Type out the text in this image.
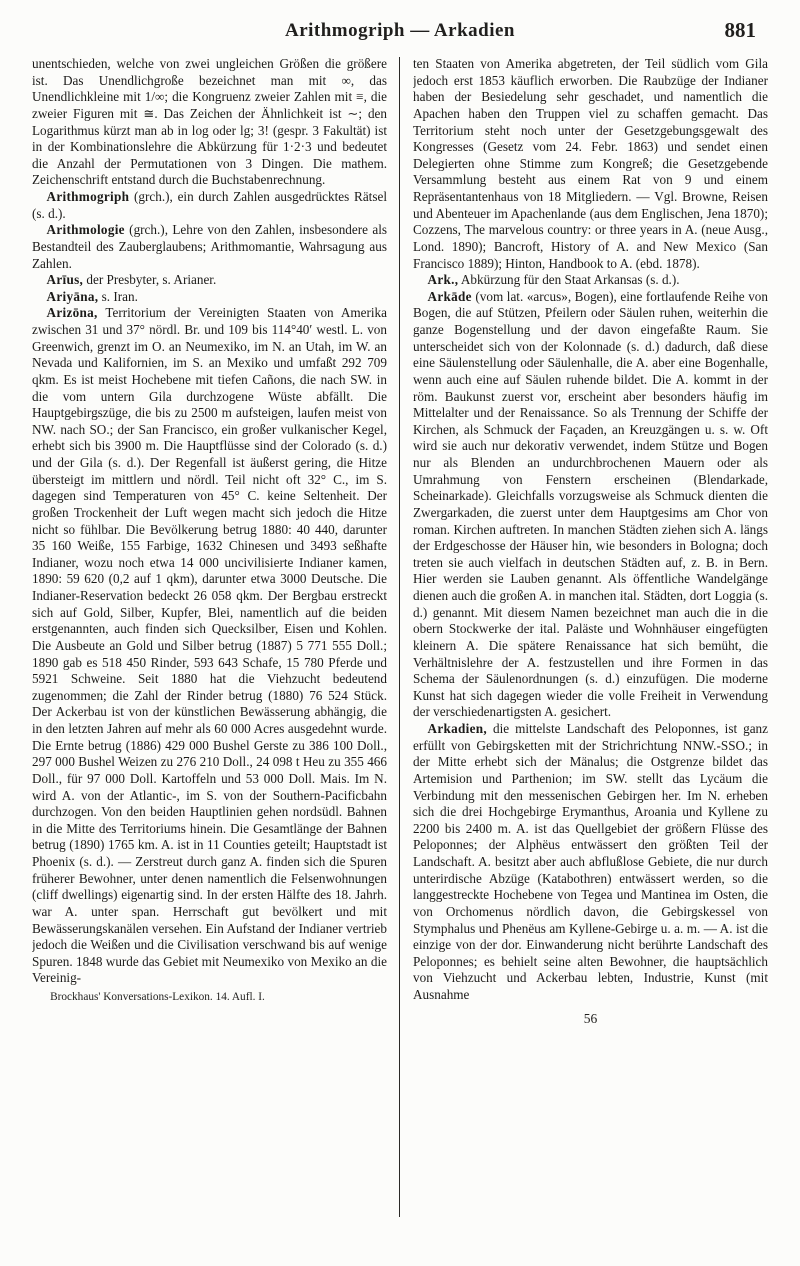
Arithmogriph — Arkadien	881

unentschieden, welche von zwei ungleichen Größen die größere ist. Das Unendlichgroße bezeichnet man mit ∞, das Unendlichkleine mit 1/∞; die Kongruenz zweier Zahlen mit ≡, die zweier Figuren mit ≅. Das Zeichen der Ähnlichkeit ist ∼; den Logarithmus kürzt man ab in log oder lg; 3! (gespr. 3 Fakultät) ist in der Kombinationslehre die Abkürzung für 1·2·3 und bedeutet die Anzahl der Permutationen von 3 Dingen. Die mathem. Zeichenschrift entstand durch die Buchstabenrechnung.

Arithmogriph (grch.), ein durch Zahlen ausgedrücktes Rätsel (s. d.).

Arithmologie (grch.), Lehre von den Zahlen, insbesondere als Bestandteil des Zauberglaubens; Arithmomantie, Wahrsagung aus Zahlen.

Arīus, der Presbyter, s. Arianer.

Ariyāna, s. Iran.

Arizōna, Territorium der Vereinigten Staaten von Amerika zwischen 31 und 37° nördl. Br. und 109 bis 114°40′ westl. L. von Greenwich, grenzt im O. an Neumexiko, im N. an Utah, im W. an Nevada und Kalifornien, im S. an Mexiko und umfaßt 292 709 qkm. Es ist meist Hochebene mit tiefen Cañons, die nach SW. in die vom untern Gila durchzogene Wüste abfällt. Die Hauptgebirgszüge, die bis zu 2500 m aufsteigen, laufen meist von NW. nach SO.; der San Francisco, ein großer vulkanischer Kegel, erhebt sich bis 3900 m. Die Hauptflüsse sind der Colorado (s. d.) und der Gila (s. d.). Der Regenfall ist äußerst gering, die Hitze übersteigt im mittlern und nördl. Teil nicht oft 32° C., im S. dagegen sind Temperaturen von 45° C. keine Seltenheit. Der großen Trockenheit der Luft wegen macht sich jedoch die Hitze nicht so fühlbar. Die Bevölkerung betrug 1880: 40 440, darunter 35 160 Weiße, 155 Farbige, 1632 Chinesen und 3493 seßhafte Indianer, wozu noch etwa 14 000 uncivilisierte Indianer kamen, 1890: 59 620 (0,2 auf 1 qkm), darunter etwa 3000 Deutsche. Die Indianer-Reservation bedeckt 26 058 qkm. Der Bergbau erstreckt sich auf Gold, Silber, Kupfer, Blei, namentlich auf die beiden erstgenannten, auch finden sich Quecksilber, Eisen und Kohlen. Die Ausbeute an Gold und Silber betrug (1887) 5 771 555 Doll.; 1890 gab es 518 450 Rinder, 593 643 Schafe, 15 780 Pferde und 5921 Schweine. Seit 1880 hat die Viehzucht bedeutend zugenommen; die Zahl der Rinder betrug (1880) 76 524 Stück. Der Ackerbau ist von der künstlichen Bewässerung abhängig, die in den letzten Jahren auf mehr als 60 000 Acres ausgedehnt wurde. Die Ernte betrug (1886) 429 000 Bushel Gerste zu 386 100 Doll., 297 000 Bushel Weizen zu 276 210 Doll., 24 098 t Heu zu 355 466 Doll., für 97 000 Doll. Kartoffeln und 53 000 Doll. Mais. Im N. wird A. von der Atlantic-, im S. von der Southern-Pacificbahn durchzogen. Von den beiden Hauptlinien gehen nordsüdl. Bahnen in die Mitte des Territoriums hinein. Die Gesamtlänge der Bahnen betrug (1890) 1765 km. A. ist in 11 Counties geteilt; Hauptstadt ist Phoenix (s. d.). — Zerstreut durch ganz A. finden sich die Spuren früherer Bewohner, unter denen namentlich die Felsenwohnungen (cliff dwellings) eigenartig sind. In der ersten Hälfte des 18. Jahrh. war A. unter span. Herrschaft gut bevölkert und mit Bewässerungskanälen versehen. Ein Aufstand der Indianer vertrieb jedoch die Weißen und die Civilisation verschwand bis auf wenige Spuren. 1848 wurde das Gebiet mit Neumexiko von Mexiko an die Vereinig-

Brockhaus' Konversations-Lexikon. 14. Aufl. I.

ten Staaten von Amerika abgetreten, der Teil südlich vom Gila jedoch erst 1853 käuflich erworben. Die Raubzüge der Indianer haben der Besiedelung sehr geschadet, und namentlich die Apachen haben den Truppen viel zu schaffen gemacht. Das Territorium steht noch unter der Gesetzgebungsgewalt des Kongresses (Gesetz vom 24. Febr. 1863) und sendet einen Delegierten ohne Stimme zum Kongreß; die Gesetzgebende Versammlung besteht aus einem Rat von 9 und einem Repräsentantenhaus von 18 Mitgliedern. — Vgl. Browne, Reisen und Abenteuer im Apachenlande (aus dem Englischen, Jena 1870); Cozzens, The marvelous country: or three years in A. (neue Ausg., Lond. 1890); Bancroft, History of A. and New Mexico (San Francisco 1889); Hinton, Handbook to A. (ebd. 1878).

Ark., Abkürzung für den Staat Arkansas (s. d.).

Arkāde (vom lat. «arcus», Bogen), eine fortlaufende Reihe von Bogen, die auf Stützen, Pfeilern oder Säulen ruhen, weiterhin die ganze Bogenstellung und der davon eingefaßte Raum. Sie unterscheidet sich von der Kolonnade (s. d.) dadurch, daß diese eine Säulenstellung oder Säulenhalle, die A. aber eine Bogenhalle, wenn auch eine auf Säulen ruhende bildet. Die A. kommt in der röm. Baukunst zuerst vor, erscheint aber besonders häufig im Mittelalter und der Renaissance. So als Trennung der Schiffe der Kirchen, als Schmuck der Façaden, an Kreuzgängen u. s. w. Oft wird sie auch nur dekorativ verwendet, indem Stütze und Bogen nur als Blenden an undurchbrochenen Mauern oder als Umrahmung von Fenstern erscheinen (Blendarkade, Scheinarkade). Gleichfalls vorzugsweise als Schmuck dienten die Zwergarkaden, die zuerst unter dem Hauptgesims am Chor von roman. Kirchen auftreten. In manchen Städten ziehen sich A. längs der Erdgeschosse der Häuser hin, wie besonders in Bologna; doch treten sie auch vielfach in deutschen Städten auf, z. B. in Bern. Hier werden sie Lauben genannt. Als öffentliche Wandelgänge dienen auch die großen A. in manchen ital. Städten, dort Loggia (s. d.) genannt. Mit diesem Namen bezeichnet man auch die in die obern Stockwerke der ital. Paläste und Wohnhäuser eingefügten kleinern A. Die spätere Renaissance hat sich bemüht, die Verhältnislehre der A. festzustellen und ihre Formen in das Schema der Säulenordnungen (s. d.) einzufügen. Die moderne Kunst hat sich dagegen wieder die volle Freiheit in Verwendung der verschiedenartigsten A. gesichert.

Arkadien, die mittelste Landschaft des Peloponnes, ist ganz erfüllt von Gebirgsketten mit der Strichrichtung NNW.-SSO.; in der Mitte erhebt sich der Mänalus; die Ostgrenze bildet das Artemision und Parthenion; im SW. stellt das Lycäum die Verbindung mit den messenischen Gebirgen her. Im N. erheben sich die drei Hochgebirge Erymanthus, Aroania und Kyllene zu 2200 bis 2400 m. A. ist das Quellgebiet der größern Flüsse des Peloponnes; der Alphëus entwässert den größten Teil der Landschaft. A. besitzt aber auch abflußlose Gebiete, die nur durch unterirdische Abzüge (Katabothren) entwässert werden, so die langgestreckte Hochebene von Tegea und Mantinea im Osten, die von Orchomenus nördlich davon, die Gebirgskessel von Stymphalus und Phenëus am Kyllene-Gebirge u. a. m. — A. ist die einzige von der dor. Einwanderung nicht berührte Landschaft des Peloponnes; es behielt seine alten Bewohner, die hauptsächlich von Viehzucht und Ackerbau lebten, Industrie, Kunst (mit Ausnahme

56
